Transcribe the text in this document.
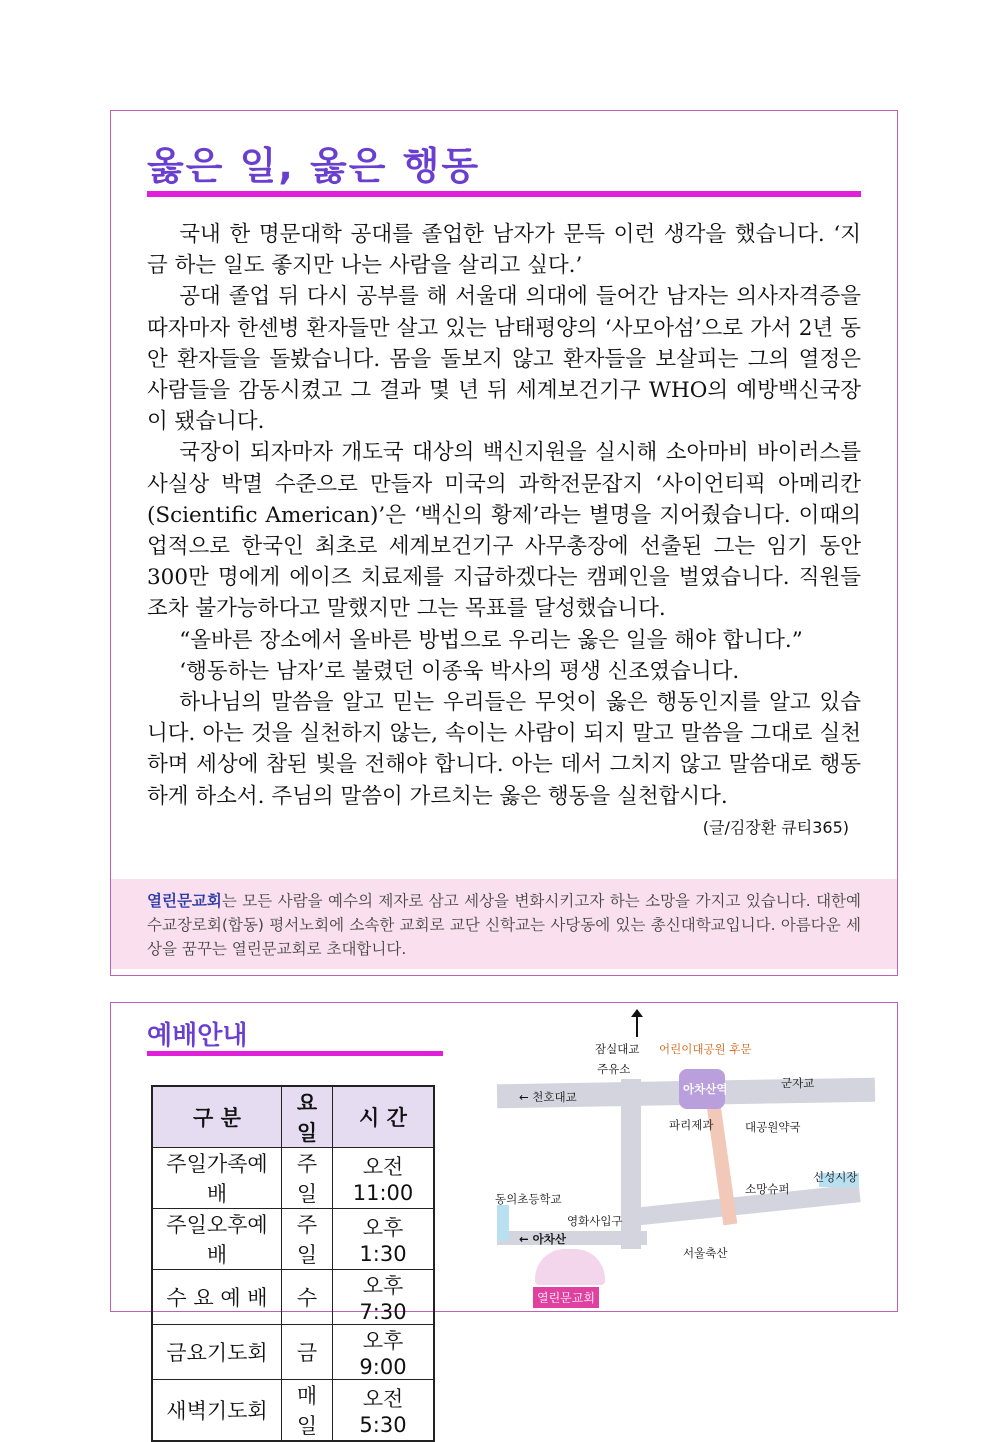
옳은 일, 옳은 행동

국내 한 명문대학 공대를 졸업한 남자가 문득 이런 생각을 했습니다. ‘지금 하는 일도 좋지만 나는 사람을 살리고 싶다.’

공대 졸업 뒤 다시 공부를 해 서울대 의대에 들어간 남자는 의사자격증을 따자마자 한센병 환자들만 살고 있는 남태평양의 ‘사모아섬’으로 가서 2년 동안 환자들을 돌봤습니다. 몸을 돌보지 않고 환자들을 보살피는 그의 열정은 사람들을 감동시켰고 그 결과 몇 년 뒤 세계보건기구 WHO의 예방백신국장이 됐습니다.

국장이 되자마자 개도국 대상의 백신지원을 실시해 소아마비 바이러스를 사실상 박멸 수준으로 만들자 미국의 과학전문잡지 ‘사이언티픽 아메리칸(Scientific American)’은 ‘백신의 황제’라는 별명을 지어줬습니다. 이때의 업적으로 한국인 최초로 세계보건기구 사무총장에 선출된 그는 임기 동안 300만 명에게 에이즈 치료제를 지급하겠다는 캠페인을 벌였습니다. 직원들조차 불가능하다고 말했지만 그는 목표를 달성했습니다.

“올바른 장소에서 올바른 방법으로 우리는 옳은 일을 해야 합니다.”

‘행동하는 남자’로 불렸던 이종욱 박사의 평생 신조였습니다.

하나님의 말씀을 알고 믿는 우리들은 무엇이 옳은 행동인지를 알고 있습니다. 아는 것을 실천하지 않는, 속이는 사람이 되지 말고 말씀을 그대로 실천하며 세상에 참된 빛을 전해야 합니다. 아는 데서 그치지 않고 말씀대로 행동하게 하소서. 주님의 말씀이 가르치는 옳은 행동을 실천합시다.
(글/김장환 큐티365)

열린문교회는 모든 사람을 예수의 제자로 삼고 세상을 변화시키고자 하는 소망을 가지고 있습니다. 대한예수교장로회(합동) 평서노회에 소속한 교회로 교단 신학교는 사당동에 있는 총신대학교입니다. 아름다운 세상을 꿈꾸는 열린문교회로 초대합니다.
예배안내
구 분	요일	시 간
주일가족예배	주일	오전11:00
주일오후예배	주일	오후 1:30
수 요 예 배	수	오후 7:30
금요기도회	금	오후 9:00
새벽기도회	매일	오전 5:30
잠실대교 어린이대공원 후문
주유소
아차산역	군자교
← 천호대교
파리제과	대공원약국
소망슈퍼
신성시장
동의초등학교
영화사입구
← 아차산
서울축산
열린문교회
